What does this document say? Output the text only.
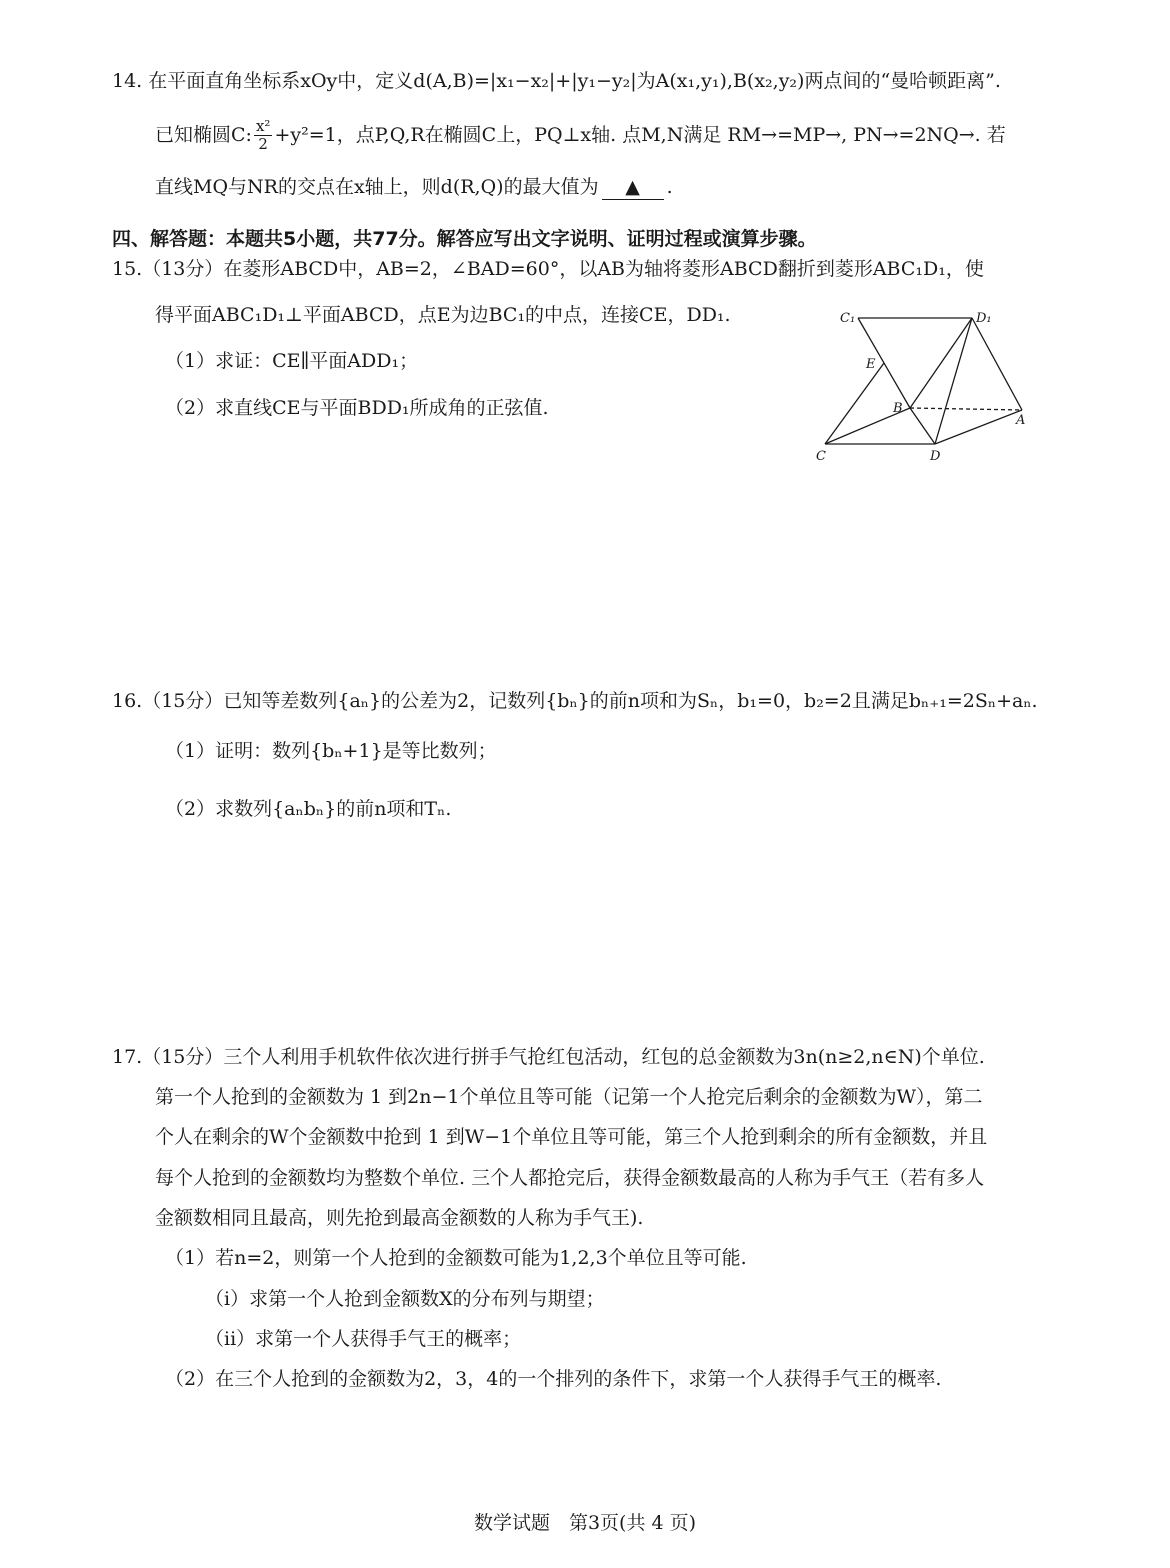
14. 在平面直角坐标系xOy中，定义d(A,B)=|x₁−x₂|+|y₁−y₂|为A(x₁,y₁),B(x₂,y₂)两点间的“曼哈顿距离”.
已知椭圆C: $\frac{\text{x²}}{2} +y^2=1$，点P,Q,R在椭圆C上，PQ⊥x轴. 点M,N满足 RM→=MP→, PN→=2NQ→. 若
直线MQ与NR的交点在x轴上，则d(R,Q)的最大值为 ▲ .
四、解答题：本题共5小题，共77分。解答应写出文字说明、证明过程或演算步骤。
15.（13分）在菱形ABCD中，AB=2，∠BAD=60°，以AB为轴将菱形ABCD翻折到菱形ABC₁D₁，使
得平面ABC₁D₁⊥平面ABCD，点E为边BC₁的中点，连接CE，DD₁.
（1）求证：CE∥平面ADD₁；
（2）求直线CE与平面BDD₁所成角的正弦值.
C₁	D₁
E
B
A
C	D
16.（15分）已知等差数列{aₙ}的公差为2，记数列{bₙ}的前n项和为Sₙ，b₁=0，b₂=2且满足bₙ₊₁=2Sₙ+aₙ.
（1）证明：数列{bₙ+1}是等比数列；
（2）求数列{aₙbₙ}的前n项和Tₙ.
17.（15分）三个人利用手机软件依次进行拼手气抢红包活动，红包的总金额数为3n(n≥2,n∈N)个单位.
第一个人抢到的金额数为 1 到2n−1个单位且等可能（记第一个人抢完后剩余的金额数为W），第二
个人在剩余的W个金额数中抢到 1 到W−1个单位且等可能，第三个人抢到剩余的所有金额数，并且
每个人抢到的金额数均为整数个单位. 三个人都抢完后，获得金额数最高的人称为手气王（若有多人
金额数相同且最高，则先抢到最高金额数的人称为手气王).
（1）若n=2，则第一个人抢到的金额数可能为1,2,3个单位且等可能.
（i）求第一个人抢到金额数X的分布列与期望；
（ii）求第一个人获得手气王的概率；
（2）在三个人抢到的金额数为2，3，4的一个排列的条件下，求第一个人获得手气王的概率.
数学试题　第3页(共 4 页)
